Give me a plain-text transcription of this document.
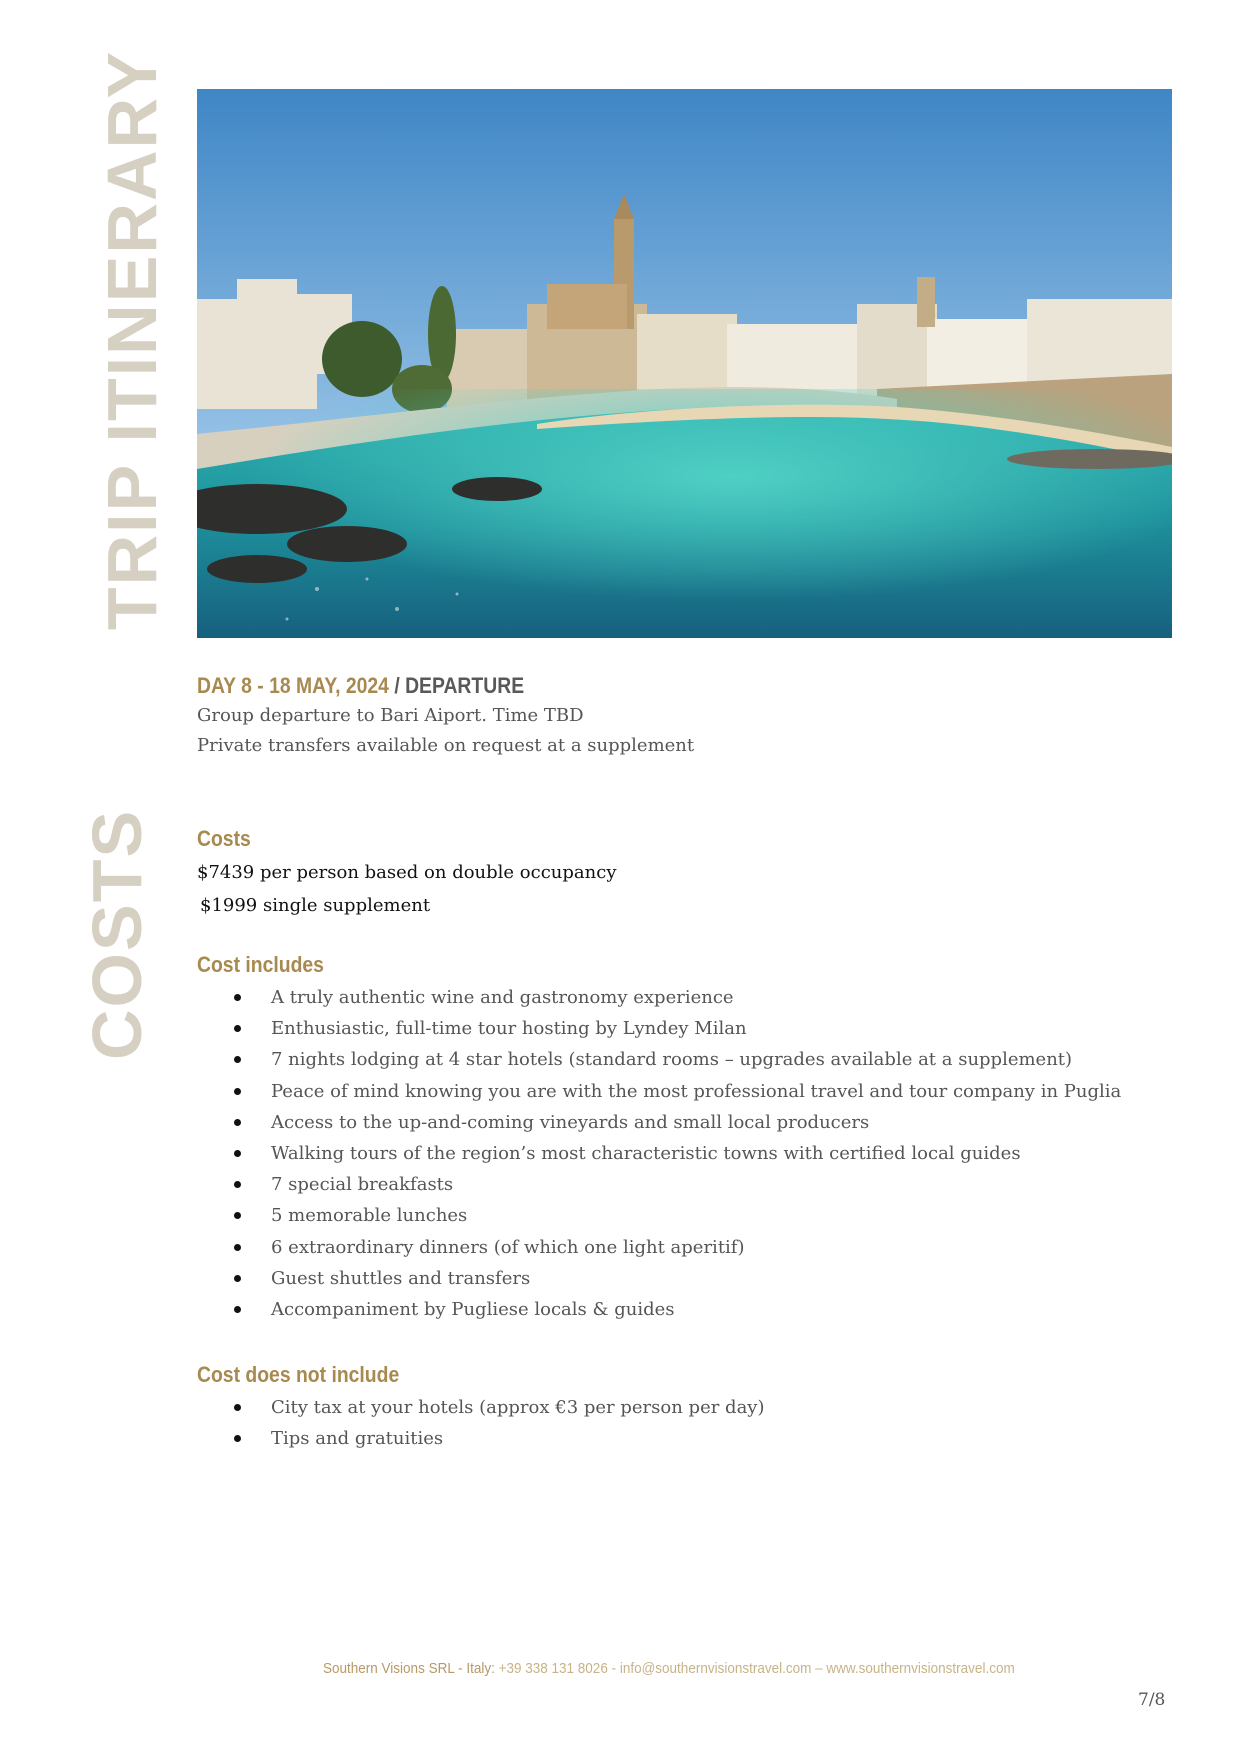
TRIP ITINERARY
COSTS
DAY 8 - 18 MAY, 2024 / DEPARTURE

Group departure to Bari Aiport. Time TBD

Private transfers available on request at a supplement

Costs

$7439 per person based on double occupancy

$1999 single supplement

Cost includes
A truly authentic wine and gastronomy experience
Enthusiastic, full-time tour hosting by Lyndey Milan
7 nights lodging at 4 star hotels (standard rooms – upgrades available at a supplement)
Peace of mind knowing you are with the most professional travel and tour company in Puglia
Access to the up-and-coming vineyards and small local producers
Walking tours of the region’s most characteristic towns with certified local guides
7 special breakfasts
5 memorable lunches
6 extraordinary dinners (of which one light aperitif)
Guest shuttles and transfers
Accompaniment by Pugliese locals & guides
Cost does not include
City tax at your hotels (approx €3 per person per day)
Tips and gratuities
Southern Visions SRL - Italy: +39 338 131 8026 - info@southernvisionstravel.com – www.southernvisionstravel.com
7/8
